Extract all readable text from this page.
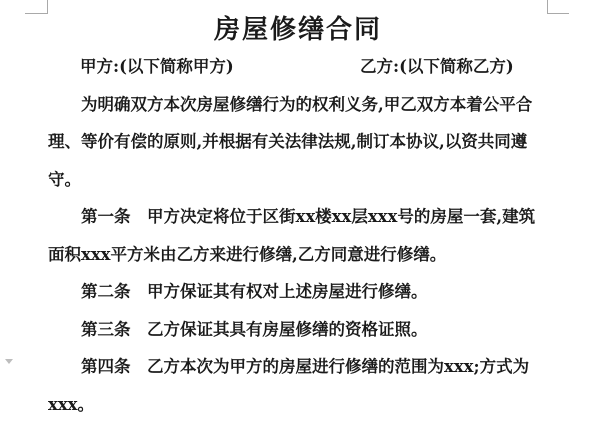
房屋修缮合同
甲方:(以下简称甲方)	乙方:(以下简称乙方)
为明确双方本次房屋修缮行为的权利义务,甲乙双方本着公平合
理、等价有偿的原则,并根据有关法律法规,制订本协议,以资共同遵
守。
第一条　甲方决定将位于区街xx楼xx层xxx号的房屋一套,建筑
面积xxx平方米由乙方来进行修缮,乙方同意进行修缮。
第二条　甲方保证其有权对上述房屋进行修缮。
第三条　乙方保证其具有房屋修缮的资格证照。
第四条　乙方本次为甲方的房屋进行修缮的范围为xxx;方式为
xxx。
